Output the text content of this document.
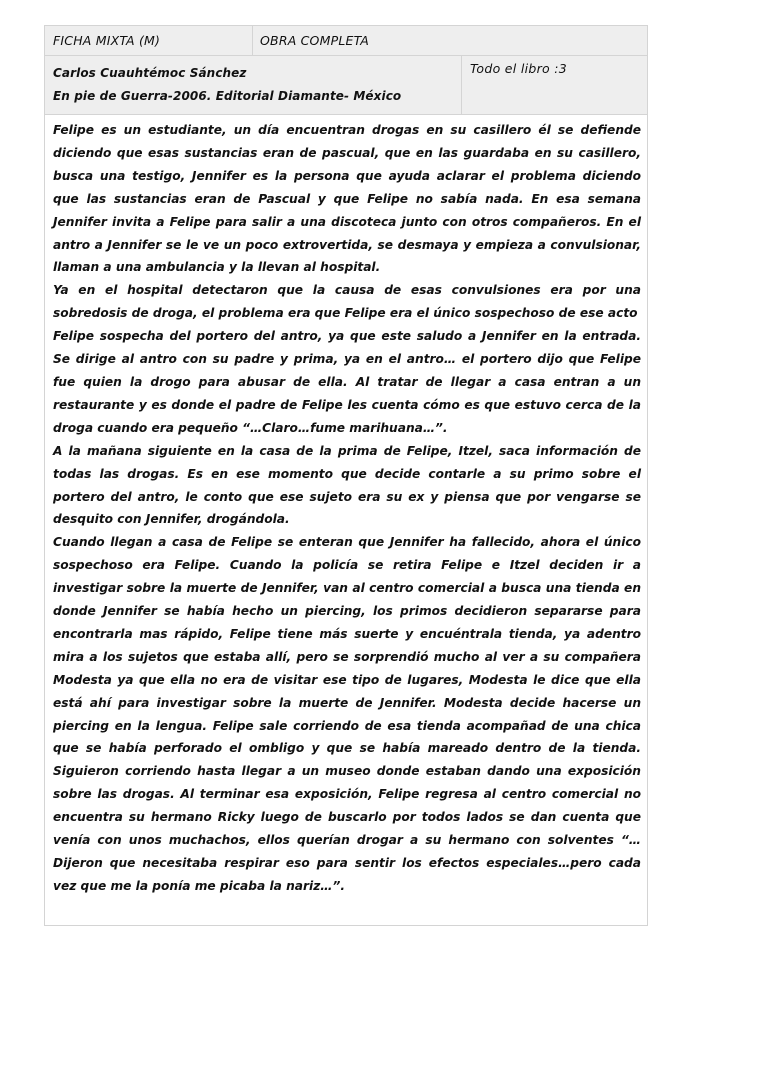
FICHA MIXTA (M)	OBRA COMPLETA
Carlos Cuauhtémoc Sánchez
En pie de Guerra-2006. Editorial Diamante- México
Todo el libro :3

Felipe es un estudiante, un día encuentran drogas en su casillero él se defiende diciendo que esas sustancias eran de pascual, que en las guardaba en su casillero, busca una testigo, Jennifer es la persona que ayuda aclarar el problema diciendo que las sustancias eran de Pascual y que Felipe no sabía nada. En esa semana Jennifer invita a Felipe para salir a una discoteca junto con otros compañeros. En el antro a Jennifer se le ve un poco extrovertida, se desmaya y empieza a convulsionar, llaman a una ambulancia y la llevan al hospital.

Ya en el hospital detectaron que la causa de esas convulsiones era por una sobredosis de droga, el problema era que Felipe era el único sospechoso de ese acto

Felipe sospecha del portero del antro, ya que este saludo a Jennifer en la entrada. Se dirige al antro con su padre y prima, ya en el antro… el portero dijo que Felipe fue quien la drogo para abusar de ella. Al tratar de llegar a casa entran a un restaurante y es donde el padre de Felipe les cuenta cómo es que estuvo cerca de la droga cuando era pequeño “…Claro…fume marihuana…”.

A la mañana siguiente en la casa de la prima de Felipe, Itzel, saca información de todas las drogas. Es en ese momento que decide contarle a su primo sobre el portero del antro, le conto que ese sujeto era su ex y piensa que por vengarse se desquito con Jennifer, drogándola.

Cuando llegan a casa de Felipe se enteran que Jennifer ha fallecido, ahora el único sospechoso era Felipe. Cuando la policía se retira Felipe e Itzel deciden ir a investigar sobre la muerte de Jennifer, van al centro comercial a busca una tienda en donde Jennifer se había hecho un piercing, los primos decidieron separarse para encontrarla mas rápido, Felipe tiene más suerte y encuéntrala tienda, ya adentro mira a los sujetos que estaba allí, pero se sorprendió mucho al ver a su compañera Modesta ya que ella no era de visitar ese tipo de lugares, Modesta le dice que ella está ahí para investigar sobre la muerte de Jennifer. Modesta decide hacerse un piercing en la lengua. Felipe sale corriendo de esa tienda acompañad de una chica que se había perforado el ombligo y que se había mareado dentro de la tienda. Siguieron corriendo hasta llegar a un museo donde estaban dando una exposición sobre las drogas. Al terminar esa exposición, Felipe regresa al centro comercial no encuentra su hermano Ricky luego de buscarlo por todos lados se dan cuenta que venía con unos muchachos, ellos querían drogar a su hermano con solventes “…Dijeron que necesitaba respirar eso para sentir los efectos especiales…pero cada vez que me la ponía me picaba la nariz…”.
